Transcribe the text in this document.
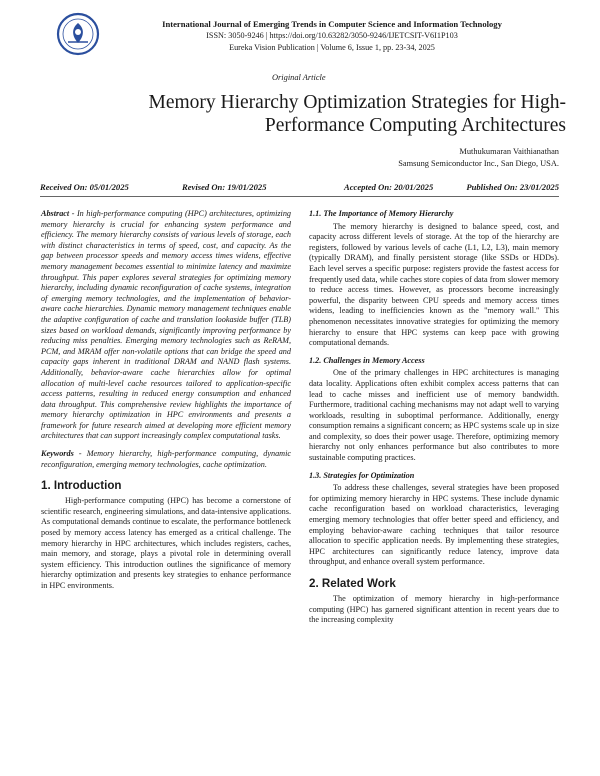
International Journal of Emerging Trends in Computer Science and Information Technology
ISSN: 3050-9246 | https://doi.org/10.63282/3050-9246/IJETCSIT-V6I1P103
Eureka Vision Publication | Volume 6, Issue 1, pp. 23-34, 2025
Original Article
Memory Hierarchy Optimization Strategies for High-Performance Computing Architectures
Muthukumaran Vaithianathan
Samsung Semiconductor Inc., San Diego, USA.
Received On: 05/01/2025	Revised On: 19/01/2025	Accepted On: 20/01/2025	Published On: 23/01/2025

Abstract - In high-performance computing (HPC) architectures, optimizing memory hierarchy is crucial for enhancing system performance and efficiency. The memory hierarchy consists of various levels of storage, each with distinct characteristics in terms of speed, cost, and capacity. As the gap between processor speeds and memory access times widens, effective memory management becomes essential to minimize latency and maximize throughput. This paper explores several strategies for optimizing memory hierarchy, including dynamic reconfiguration of cache systems, integration of emerging memory technologies, and the implementation of behavior-aware cache hierarchies. Dynamic memory management techniques enable the adaptive configuration of cache and translation lookaside buffer (TLB) sizes based on workload demands, significantly improving performance by reducing miss penalties. Emerging memory technologies such as ReRAM, PCM, and MRAM offer non-volatile options that can bridge the speed and capacity gaps inherent in traditional DRAM and NAND flash systems. Additionally, behavior-aware cache hierarchies allow for optimal allocation of multi-level cache resources tailored to application-specific access patterns, resulting in reduced energy consumption and enhanced data throughput. This comprehensive review highlights the importance of memory hierarchy optimization in HPC environments and presents a framework for future research aimed at developing more efficient memory architectures that can support increasingly complex computational tasks.

Keywords - Memory hierarchy, high-performance computing, dynamic reconfiguration, emerging memory technologies, cache optimization.

1. Introduction

High-performance computing (HPC) has become a cornerstone of scientific research, engineering simulations, and data-intensive applications. As computational demands continue to escalate, the performance bottleneck posed by memory access latency has emerged as a critical challenge. The memory hierarchy in HPC architectures, which includes registers, caches, main memory, and storage, plays a pivotal role in determining overall system efficiency. This introduction outlines the significance of memory hierarchy optimization and presents key strategies to enhance performance in HPC environments.

1.1. The Importance of Memory Hierarchy

The memory hierarchy is designed to balance speed, cost, and capacity across different levels of storage. At the top of the hierarchy are registers, followed by various levels of cache (L1, L2, L3), main memory (typically DRAM), and finally persistent storage (like SSDs or HDDs). Each level serves a specific purpose: registers provide the fastest access for frequently used data, while caches store copies of data from slower memory to reduce access times. However, as processors become increasingly powerful, the disparity between CPU speeds and memory access times widens, leading to inefficiencies known as the "memory wall." This phenomenon necessitates innovative strategies for optimizing the memory hierarchy to ensure that HPC systems can keep pace with growing computational demands.

1.2. Challenges in Memory Access

One of the primary challenges in HPC architectures is managing data locality. Applications often exhibit complex access patterns that can lead to cache misses and inefficient use of memory bandwidth. Furthermore, traditional caching mechanisms may not adapt well to varying workloads, resulting in suboptimal performance. Additionally, energy consumption remains a significant concern; as HPC systems scale up in size and complexity, so does their power usage. Therefore, optimizing memory hierarchy not only enhances performance but also contributes to more sustainable computing practices.

1.3. Strategies for Optimization

To address these challenges, several strategies have been proposed for optimizing memory hierarchy in HPC systems. These include dynamic cache reconfiguration based on workload characteristics, leveraging emerging memory technologies that offer better speed and efficiency, and employing behavior-aware caching techniques that tailor resource allocation to specific application needs. By implementing these strategies, HPC architectures can significantly reduce latency, improve data throughput, and enhance overall system performance.

2. Related Work

The optimization of memory hierarchy in high-performance computing (HPC) has garnered significant attention in recent years due to the increasing complexity
